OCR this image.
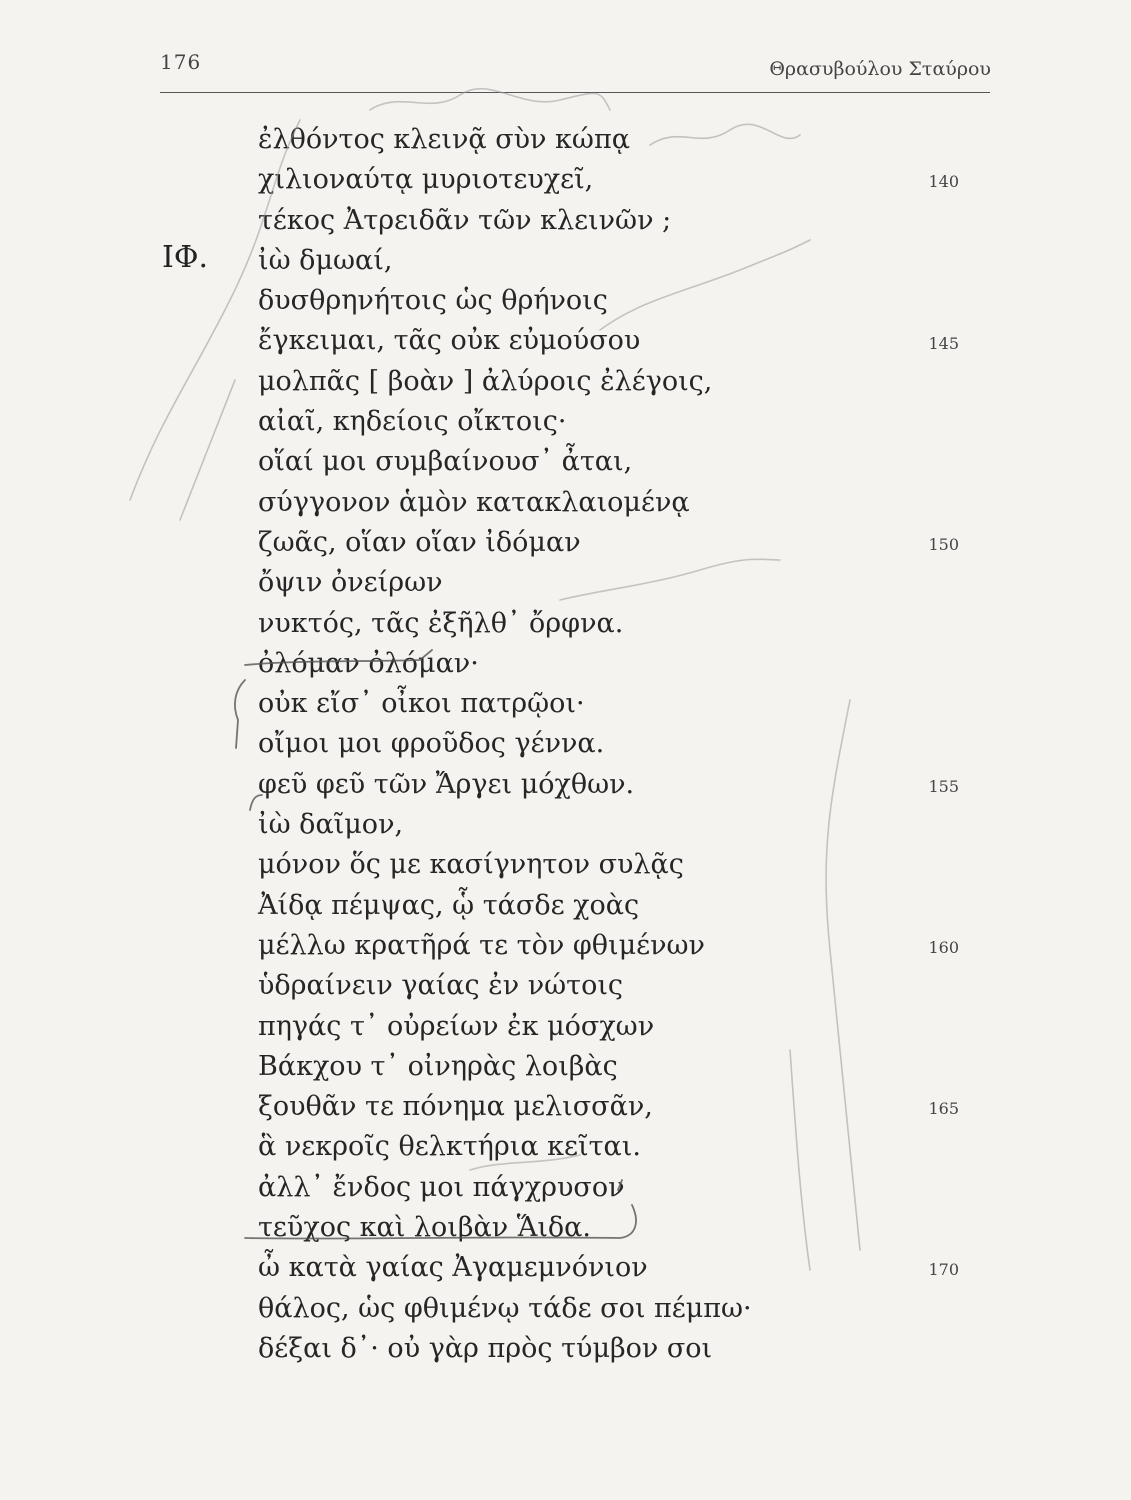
176	Θρασυβούλου Σταύρου
ΙΦ.
ἐλθόντος κλεινᾷ σὺν κώπᾳ
χιλιοναύτᾳ μυριοτευχεῖ,
τέκος Ἀτρειδᾶν τῶν κλεινῶν ;
ἰὼ δμωαί,
δυσθρηνήτοις ὡς θρήνοις
ἔγκειμαι, τᾶς οὐκ εὐμούσου
μολπᾶς [ βοὰν ] ἀλύροις ἐλέγοις,
αἰαῖ, κηδείοις οἴκτοις·
οἵαί μοι συμβαίνουσ᾽ ἆται,
σύγγονον ἁμὸν κατακλαιομένᾳ
ζωᾶς, οἵαν οἵαν ἰδόμαν
ὄψιν ὀνείρων
νυκτός, τᾶς ἐξῆλθ᾽ ὄρφνα.
ὀλόμαν ὀλόμαν·
οὐκ εἴσ᾽ οἶκοι πατρῷοι·
οἴμοι μοι φροῦδος γέννα.
φεῦ φεῦ τῶν Ἄργει μόχθων.
ἰὼ δαῖμον,
μόνον ὅς με κασίγνητον συλᾷς
Ἀίδᾳ πέμψας, ᾧ τάσδε χοὰς
μέλλω κρατῆρά τε τὸν φθιμένων
ὑδραίνειν γαίας ἐν νώτοις
πηγάς τ᾽ οὐρείων ἐκ μόσχων
Βάκχου τ᾽ οἰνηρὰς λοιβὰς
ξουθᾶν τε πόνημα μελισσᾶν,
ἃ νεκροῖς θελκτήρια κεῖται.
ἀλλ᾽ ἔνδος μοι πάγχρυσον
τεῦχος καὶ λοιβὰν Ἅιδα.
ὦ κατὰ γαίας Ἀγαμεμνόνιον
θάλος, ὡς φθιμένῳ τάδε σοι πέμπω·
δέξαι δ᾽· οὐ γὰρ πρὸς τύμβον σοι
140
145
150
155
160
165
170
